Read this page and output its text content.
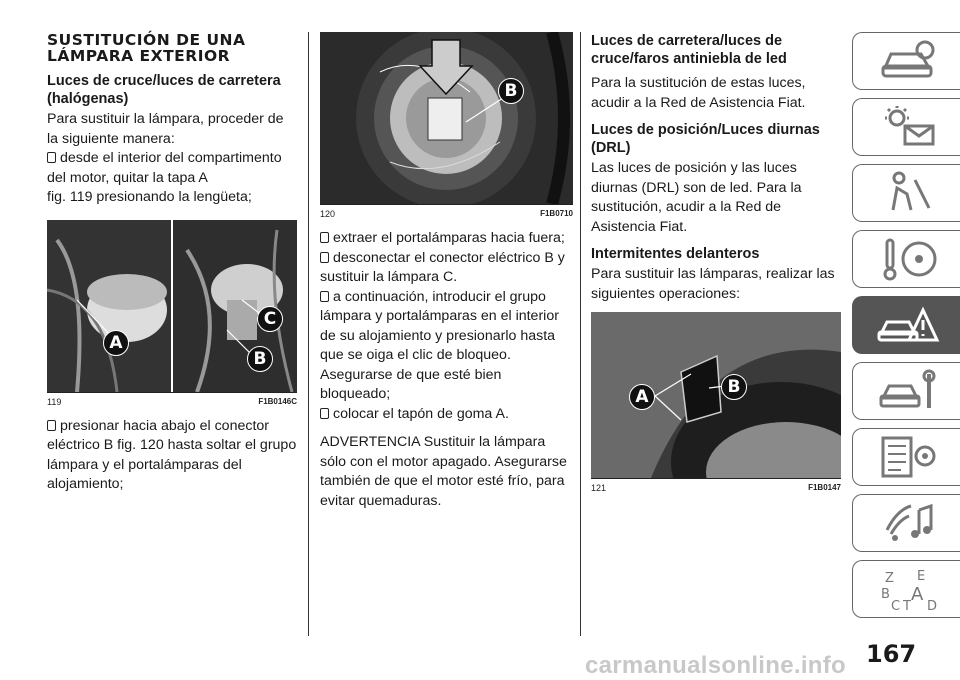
SUSTITUCIÓN DE UNA
LÁMPARA EXTERIOR
Luces de cruce/luces de carretera (halógenas)

Para sustituir la lámpara, proceder de la siguiente manera:

desde el interior del compartimento del motor, quitar la tapa A
fig. 119 presionando la lengüeta;

A
C
B
119	F1B0146C

presionar hacia abajo el conector eléctrico B fig. 120 hasta soltar el grupo lámpara y el portalámparas del alojamiento;

B
120	F1B0710

extraer el portalámparas hacia fuera;

desconectar el conector eléctrico B y sustituir la lámpara C.

a continuación, introducir el grupo lámpara y portalámparas en el interior de su alojamiento y presionarlo hasta que se oiga el clic de bloqueo. Asegurarse de que esté bien bloqueado;

colocar el tapón de goma A.

ADVERTENCIA Sustituir la lámpara sólo con el motor apagado. Asegurarse también de que el motor esté frío, para evitar quemaduras.

Luces de carretera/luces de cruce/faros antiniebla de led

Para la sustitución de estas luces, acudir a la Red de Asistencia Fiat.

Luces de posición/Luces diurnas (DRL)

Las luces de posición y las luces diurnas (DRL) son de led. Para la sustitución, acudir a la Red de Asistencia Fiat.

Intermitentes delanteros

Para sustituir las lámparas, realizar las siguientes operaciones:

A	B
121	F1B0147
Z E
B A
C T D
167
carmanualsonline.info
